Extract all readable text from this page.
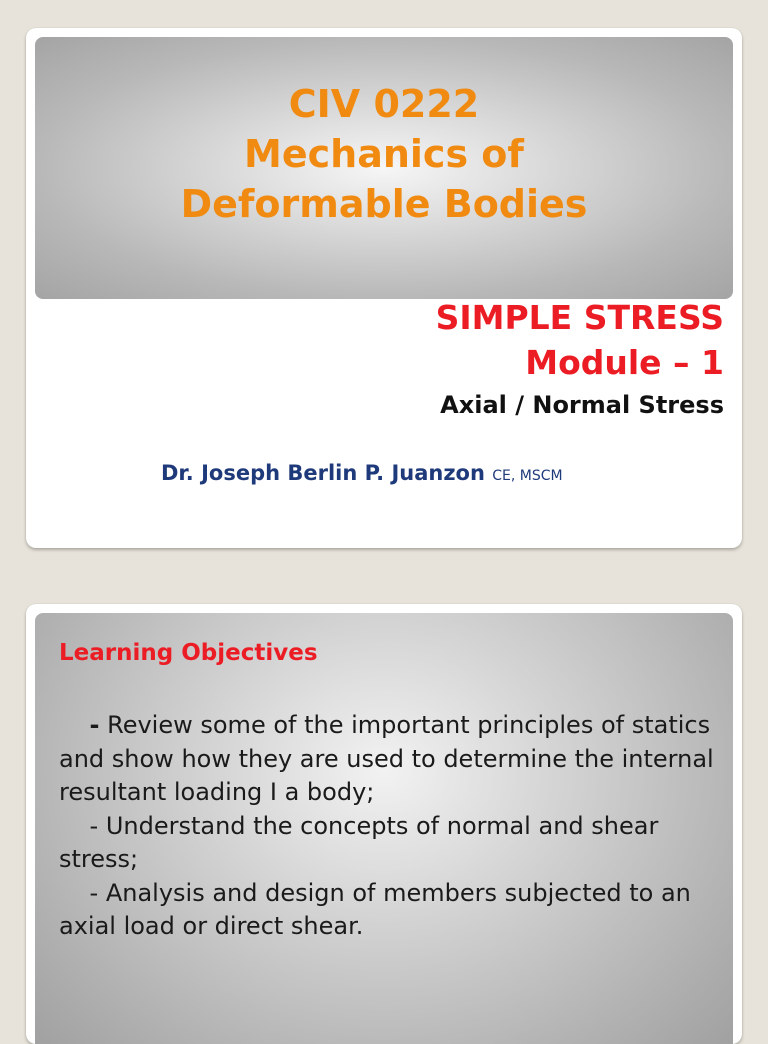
CIV 0222
Mechanics of
Deformable Bodies
SIMPLE STRESS
Module – 1
Axial / Normal Stress
Dr. Joseph Berlin P. Juanzon CE, MSCM
Learning Objectives

- Review some of the important principles of statics and show how they are used to determine the internal resultant loading I a body;
- Understand the concepts of normal and shear stress;
- Analysis and design of members subjected to an axial load or direct shear.
